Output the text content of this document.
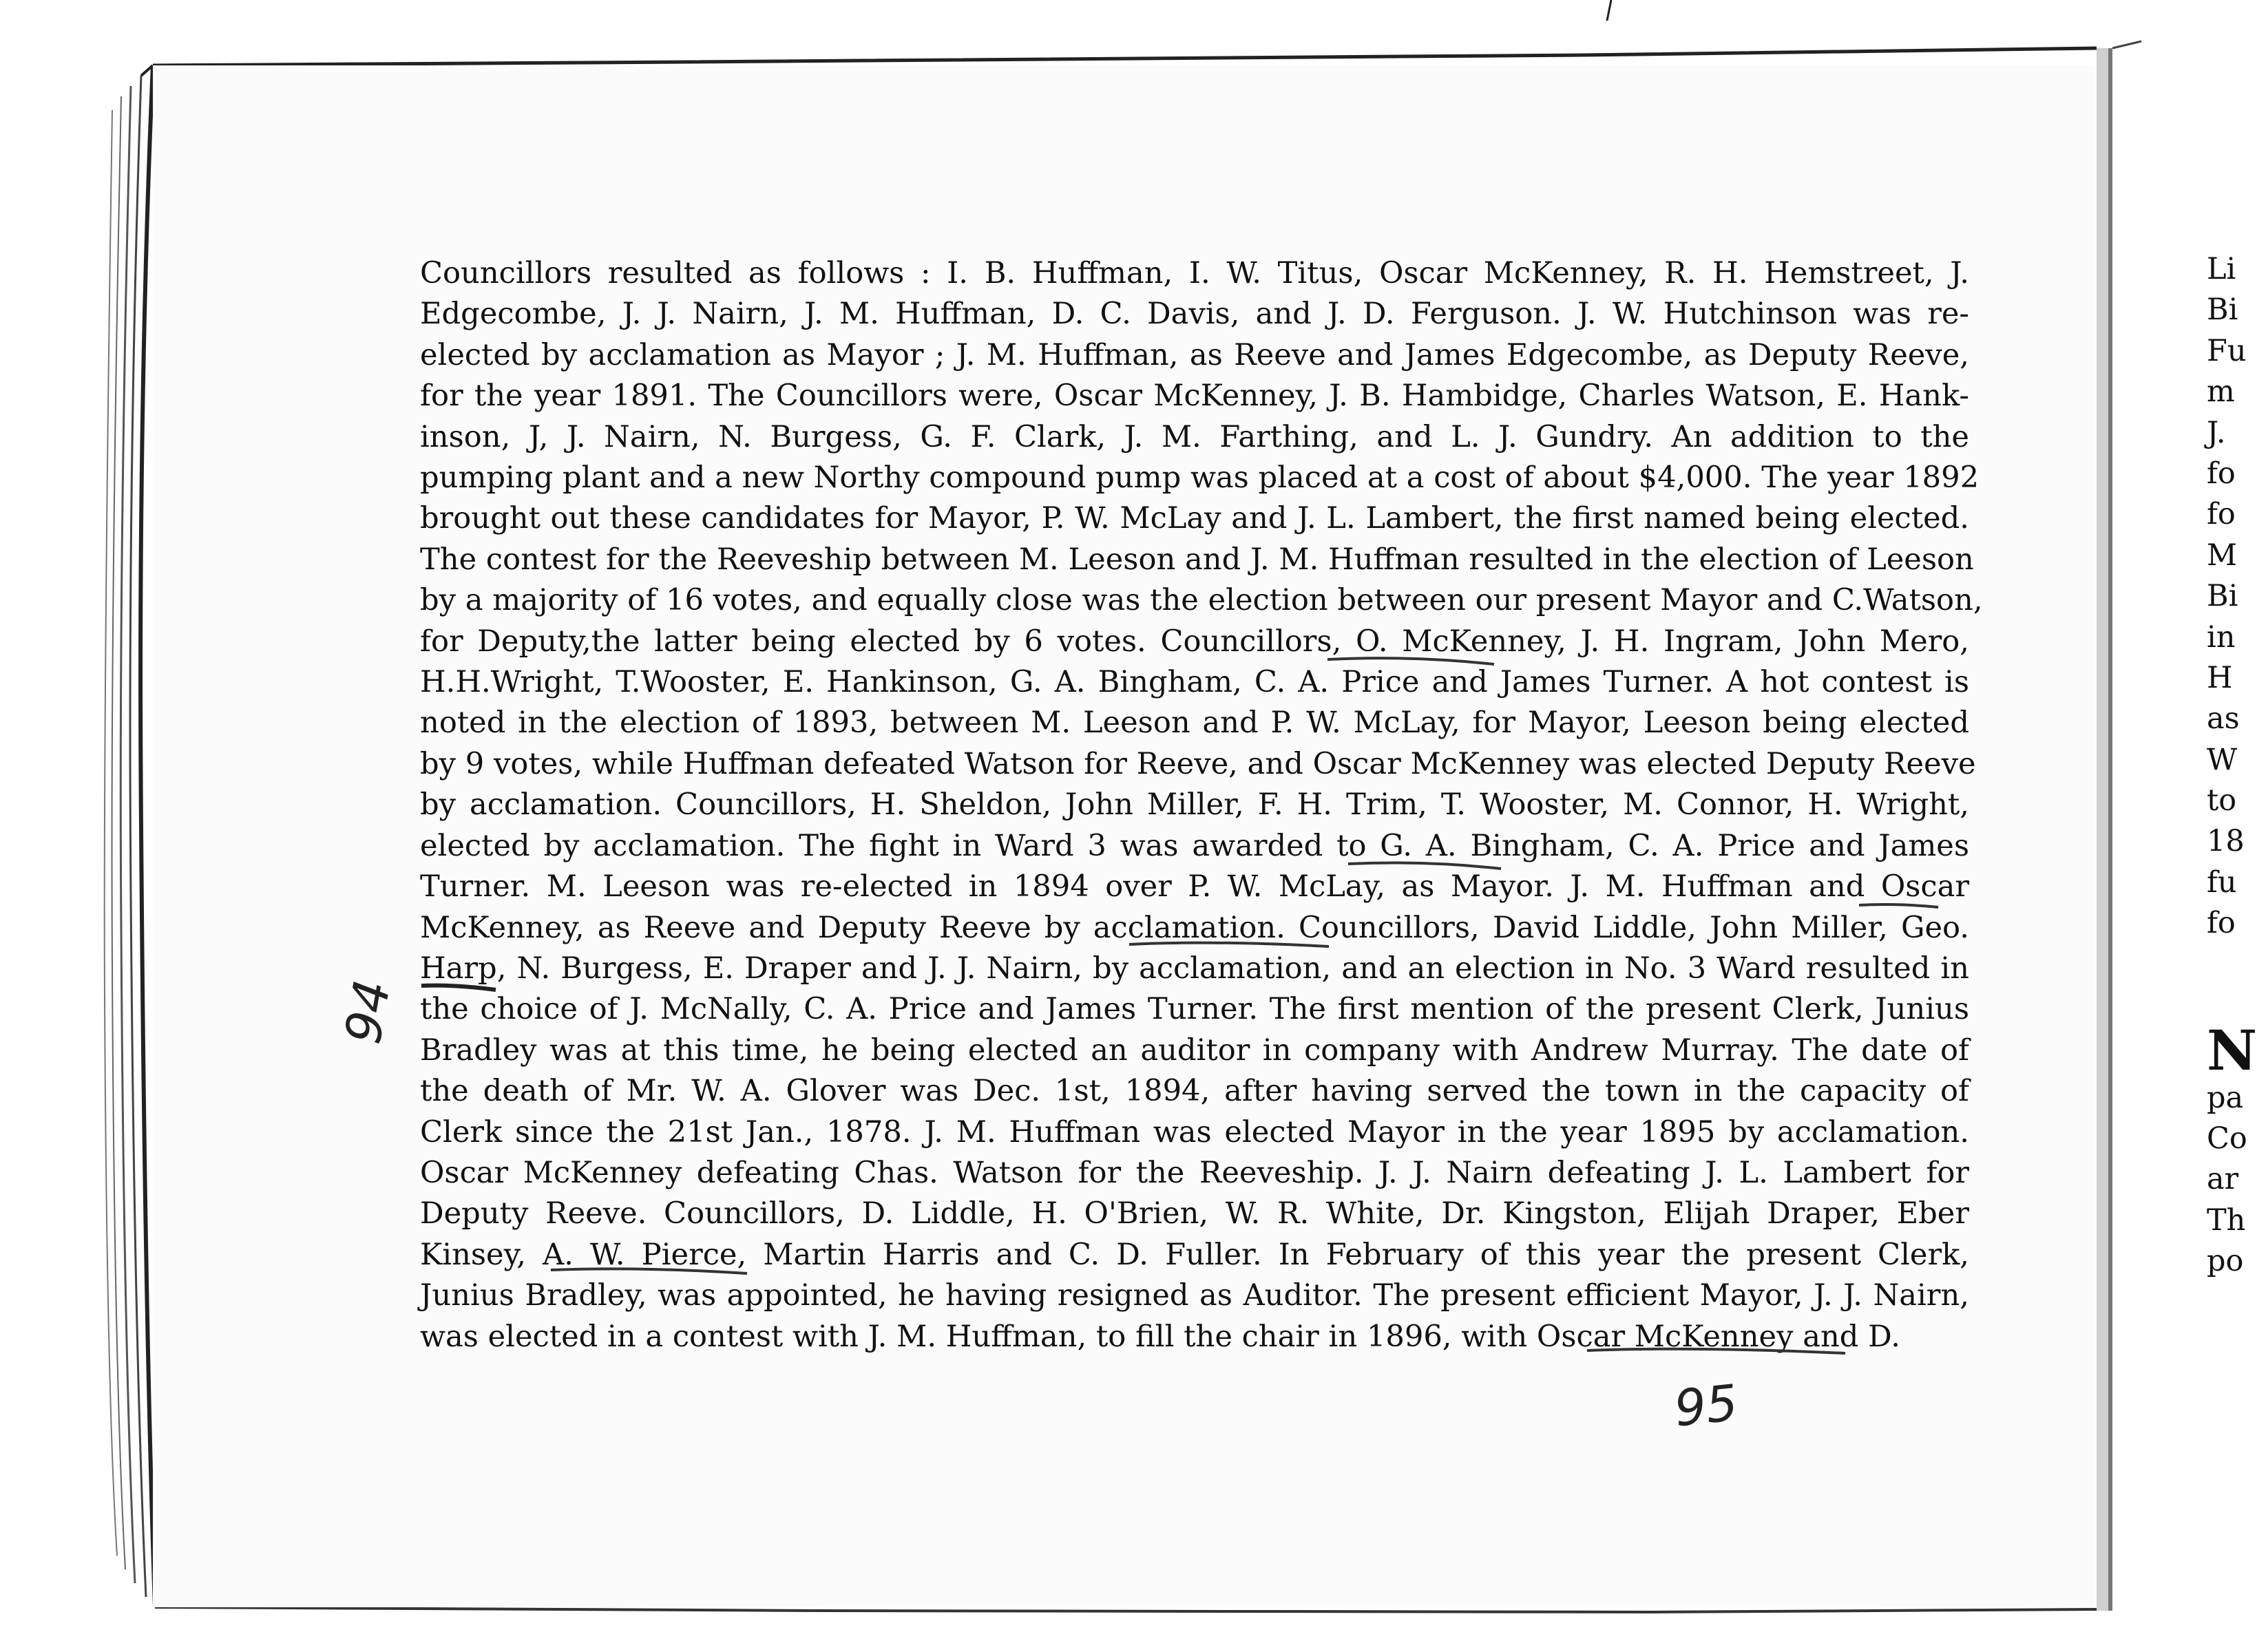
Councillors resulted as follows : I. B. Huffman, I. W. Titus, Oscar McKenney, R. H. Hemstreet, J.
Edgecombe, J. J. Nairn, J. M. Huffman, D. C. Davis, and J. D. Ferguson. J. W. Hutchinson was re-
elected by acclamation as Mayor ; J. M. Huffman, as Reeve and James Edgecombe, as Deputy Reeve,
for the year 1891. The Councillors were, Oscar McKenney, J. B. Hambidge, Charles Watson, E. Hank-
inson, J, J. Nairn, N. Burgess, G. F. Clark, J. M. Farthing, and L. J. Gundry. An addition to the
pumping plant and a new Northy compound pump was placed at a cost of about $4,000. The year 1892
brought out these candidates for Mayor, P. W. McLay and J. L. Lambert, the first named being elected.
The contest for the Reeveship between M. Leeson and J. M. Huffman resulted in the election of Leeson
by a majority of 16 votes, and equally close was the election between our present Mayor and C.Watson,
for Deputy,the latter being elected by 6 votes. Councillors, O. McKenney, J. H. Ingram, John Mero,
H.H.Wright, T.Wooster, E. Hankinson, G. A. Bingham, C. A. Price and James Turner. A hot contest is
noted in the election of 1893, between M. Leeson and P. W. McLay, for Mayor, Leeson being elected
by 9 votes, while Huffman defeated Watson for Reeve, and Oscar McKenney was elected Deputy Reeve
by acclamation. Councillors, H. Sheldon, John Miller, F. H. Trim, T. Wooster, M. Connor, H. Wright,
elected by acclamation. The fight in Ward 3 was awarded to G. A. Bingham, C. A. Price and James
Turner. M. Leeson was re-elected in 1894 over P. W. McLay, as Mayor. J. M. Huffman and Oscar
McKenney, as Reeve and Deputy Reeve by acclamation. Councillors, David Liddle, John Miller, Geo.
Harp, N. Burgess, E. Draper and J. J. Nairn, by acclamation, and an election in No. 3 Ward resulted in
the choice of J. McNally, C. A. Price and James Turner. The first mention of the present Clerk, Junius
Bradley was at this time, he being elected an auditor in company with Andrew Murray. The date of
the death of Mr. W. A. Glover was Dec. 1st, 1894, after having served the town in the capacity of
Clerk since the 21st Jan., 1878. J. M. Huffman was elected Mayor in the year 1895 by acclamation.
Oscar McKenney defeating Chas. Watson for the Reeveship. J. J. Nairn defeating J. L. Lambert for
Deputy Reeve. Councillors, D. Liddle, H. O'Brien, W. R. White, Dr. Kingston, Elijah Draper, Eber
Kinsey, A. W. Pierce, Martin Harris and C. D. Fuller. In February of this year the present Clerk,
Junius Bradley, was appointed, he having resigned as Auditor. The present efficient Mayor, J. J. Nairn,
was elected in a contest with J. M. Huffman, to fill the chair in 1896, with Oscar McKenney and D.
94
95
Li
Bi
Fu
m
J.
fo
fo
M
Bi
in
H
as
W
to
18
fu
fo
N
pa
Co
ar
Th
po
